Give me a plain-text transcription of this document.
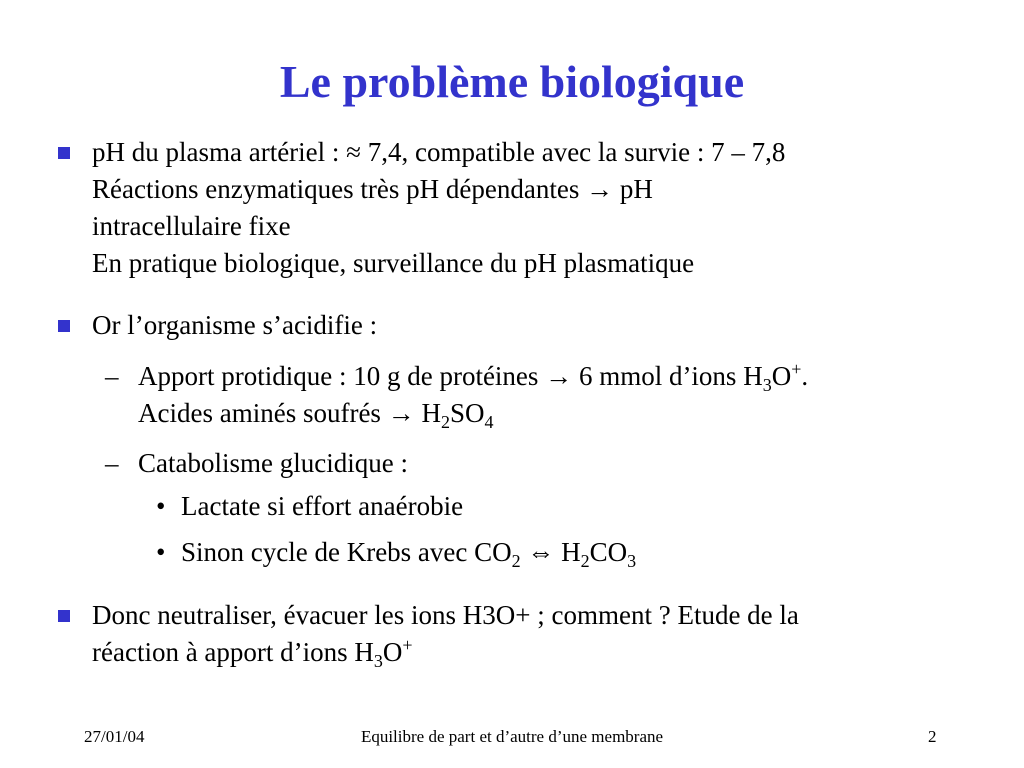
Le problème biologique
pH du plasma artériel : ≈ 7,4, compatible avec la survie : 7 – 7,8
Réactions enzymatiques très pH dépendantes → pH
intracellulaire fixe
En pratique biologique, surveillance du pH plasmatique
Or l’organisme s’acidifie :
– Apport protidique : 10 g de protéines → 6 mmol d’ions $H_3O^+$.
Acides aminés soufrés → $H_2SO_4$
– Catabolisme glucidique :
• Lactate si effort anaérobie
• Sinon cycle de Krebs avec $CO_2$ ⇔ $H_2CO_3$
Donc neutraliser, évacuer les ions H3O+ ; comment ? Etude de la
réaction à apport d’ions $H_3O^+$
27/01/04	Equilibre de part et d’autre d’une membrane	2
